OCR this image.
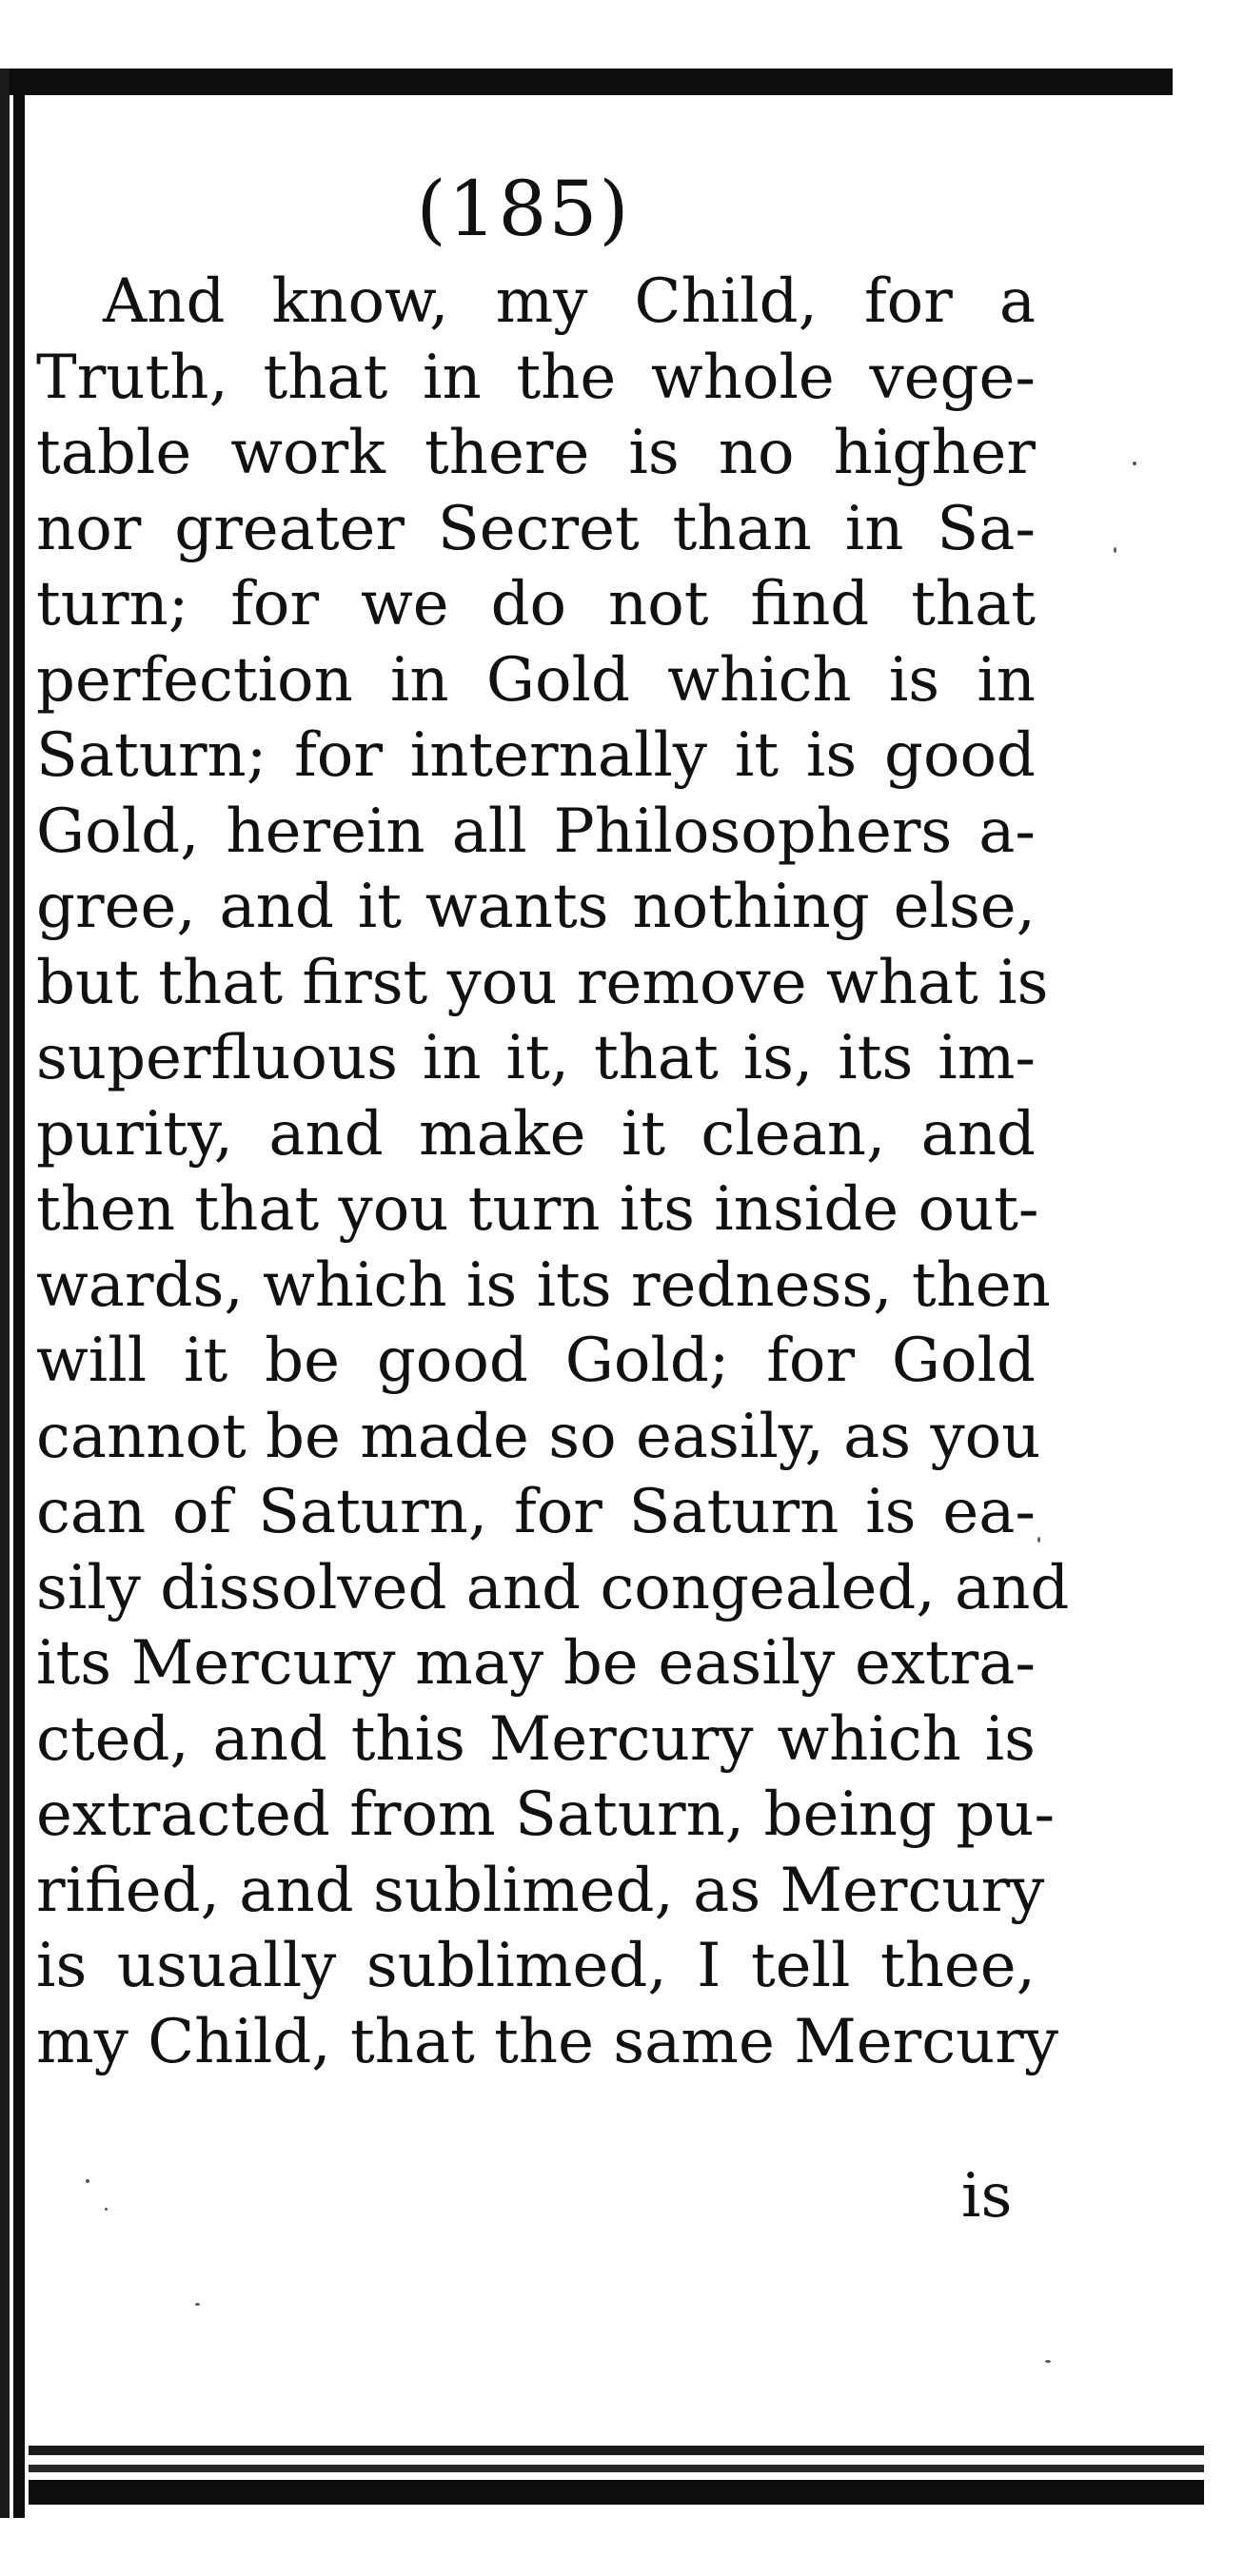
(185)
And know, my Child, for a
Truth, that in the whole vege-
table work there is no higher
nor greater Secret than in Sa-
turn; for we do not find that
perfection in Gold which is in
Saturn; for internally it is good
Gold, herein all Philosophers a-
gree, and it wants nothing else,
but that first you remove what is
superfluous in it, that is, its im-
purity, and make it clean, and
then that you turn its inside out-
wards, which is its redness, then
will it be good Gold; for Gold
cannot be made so easily, as you
can of Saturn, for Saturn is ea-
sily dissolved and congealed, and
its Mercury may be easily extra-
cted, and this Mercury which is
extracted from Saturn, being pu-
rified, and sublimed, as Mercury
is usually sublimed, I tell thee,
my Child, that the same Mercury
is
